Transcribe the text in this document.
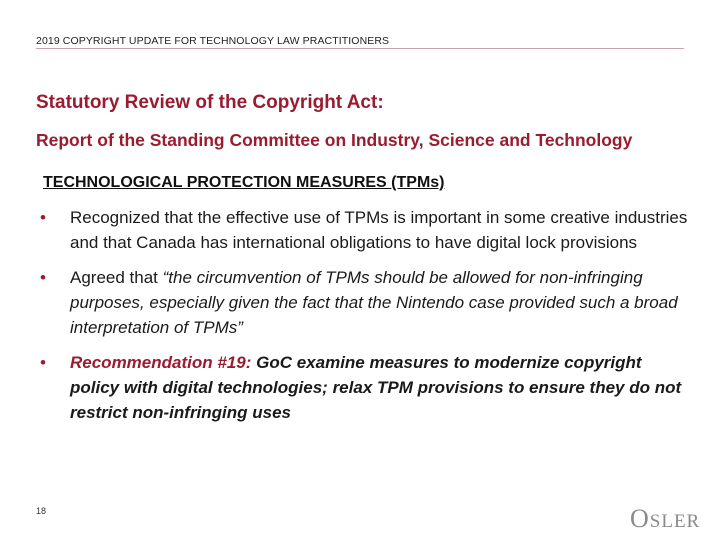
2019 COPYRIGHT UPDATE FOR TECHNOLOGY LAW PRACTITIONERS
Statutory Review of the Copyright Act:
Report of the Standing Committee on Industry, Science and Technology
TECHNOLOGICAL PROTECTION MEASURES (TPMs)
• Recognized that the effective use of TPMs is important in some creative industries and that Canada has international obligations to have digital lock provisions
• Agreed that “the circumvention of TPMs should be allowed for non-infringing purposes, especially given the fact that the Nintendo case provided such a broad interpretation of TPMs”
• Recommendation #19: GoC examine measures to modernize copyright policy with digital technologies; relax TPM provisions to ensure they do not restrict non-infringing uses
18	OSLER
